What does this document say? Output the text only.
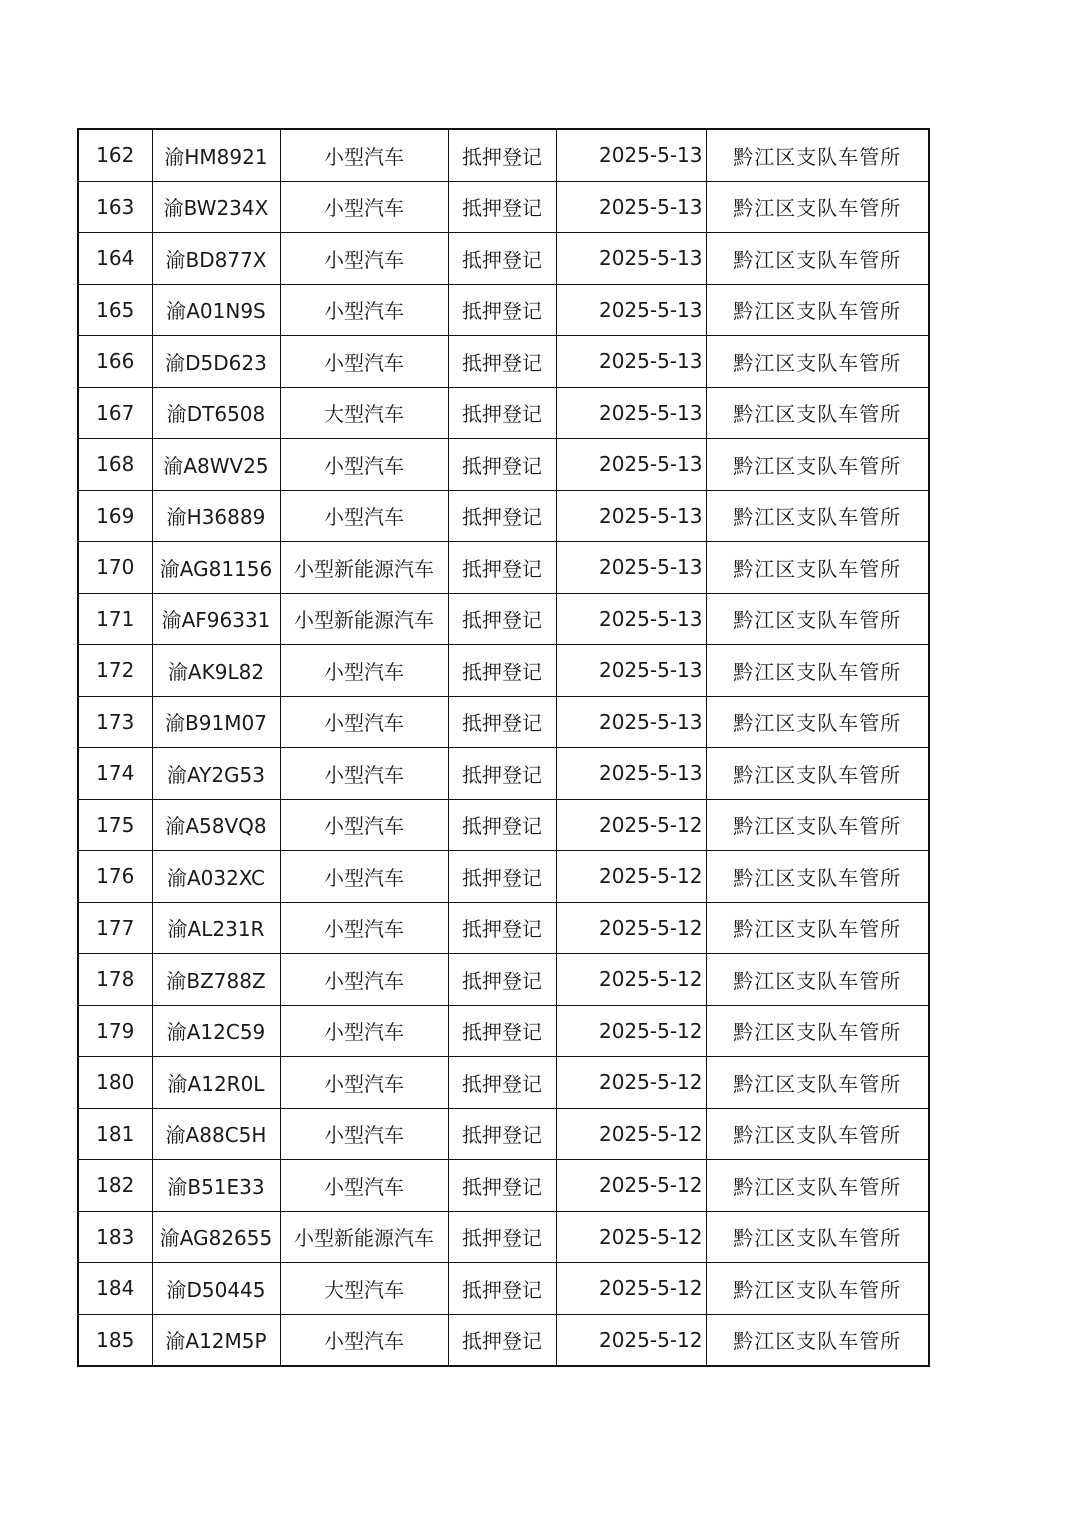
162	渝HM8921	小型汽车	抵押登记	2025-5-13	黔江区支队车管所
163	渝BW234X	小型汽车	抵押登记	2025-5-13	黔江区支队车管所
164	渝BD877X	小型汽车	抵押登记	2025-5-13	黔江区支队车管所
165	渝A01N9S	小型汽车	抵押登记	2025-5-13	黔江区支队车管所
166	渝D5D623	小型汽车	抵押登记	2025-5-13	黔江区支队车管所
167	渝DT6508	大型汽车	抵押登记	2025-5-13	黔江区支队车管所
168	渝A8WV25	小型汽车	抵押登记	2025-5-13	黔江区支队车管所
169	渝H36889	小型汽车	抵押登记	2025-5-13	黔江区支队车管所
170	渝AG81156	小型新能源汽车	抵押登记	2025-5-13	黔江区支队车管所
171	渝AF96331	小型新能源汽车	抵押登记	2025-5-13	黔江区支队车管所
172	渝AK9L82	小型汽车	抵押登记	2025-5-13	黔江区支队车管所
173	渝B91M07	小型汽车	抵押登记	2025-5-13	黔江区支队车管所
174	渝AY2G53	小型汽车	抵押登记	2025-5-13	黔江区支队车管所
175	渝A58VQ8	小型汽车	抵押登记	2025-5-12	黔江区支队车管所
176	渝A032XC	小型汽车	抵押登记	2025-5-12	黔江区支队车管所
177	渝AL231R	小型汽车	抵押登记	2025-5-12	黔江区支队车管所
178	渝BZ788Z	小型汽车	抵押登记	2025-5-12	黔江区支队车管所
179	渝A12C59	小型汽车	抵押登记	2025-5-12	黔江区支队车管所
180	渝A12R0L	小型汽车	抵押登记	2025-5-12	黔江区支队车管所
181	渝A88C5H	小型汽车	抵押登记	2025-5-12	黔江区支队车管所
182	渝B51E33	小型汽车	抵押登记	2025-5-12	黔江区支队车管所
183	渝AG82655	小型新能源汽车	抵押登记	2025-5-12	黔江区支队车管所
184	渝D50445	大型汽车	抵押登记	2025-5-12	黔江区支队车管所
185	渝A12M5P	小型汽车	抵押登记	2025-5-12	黔江区支队车管所
